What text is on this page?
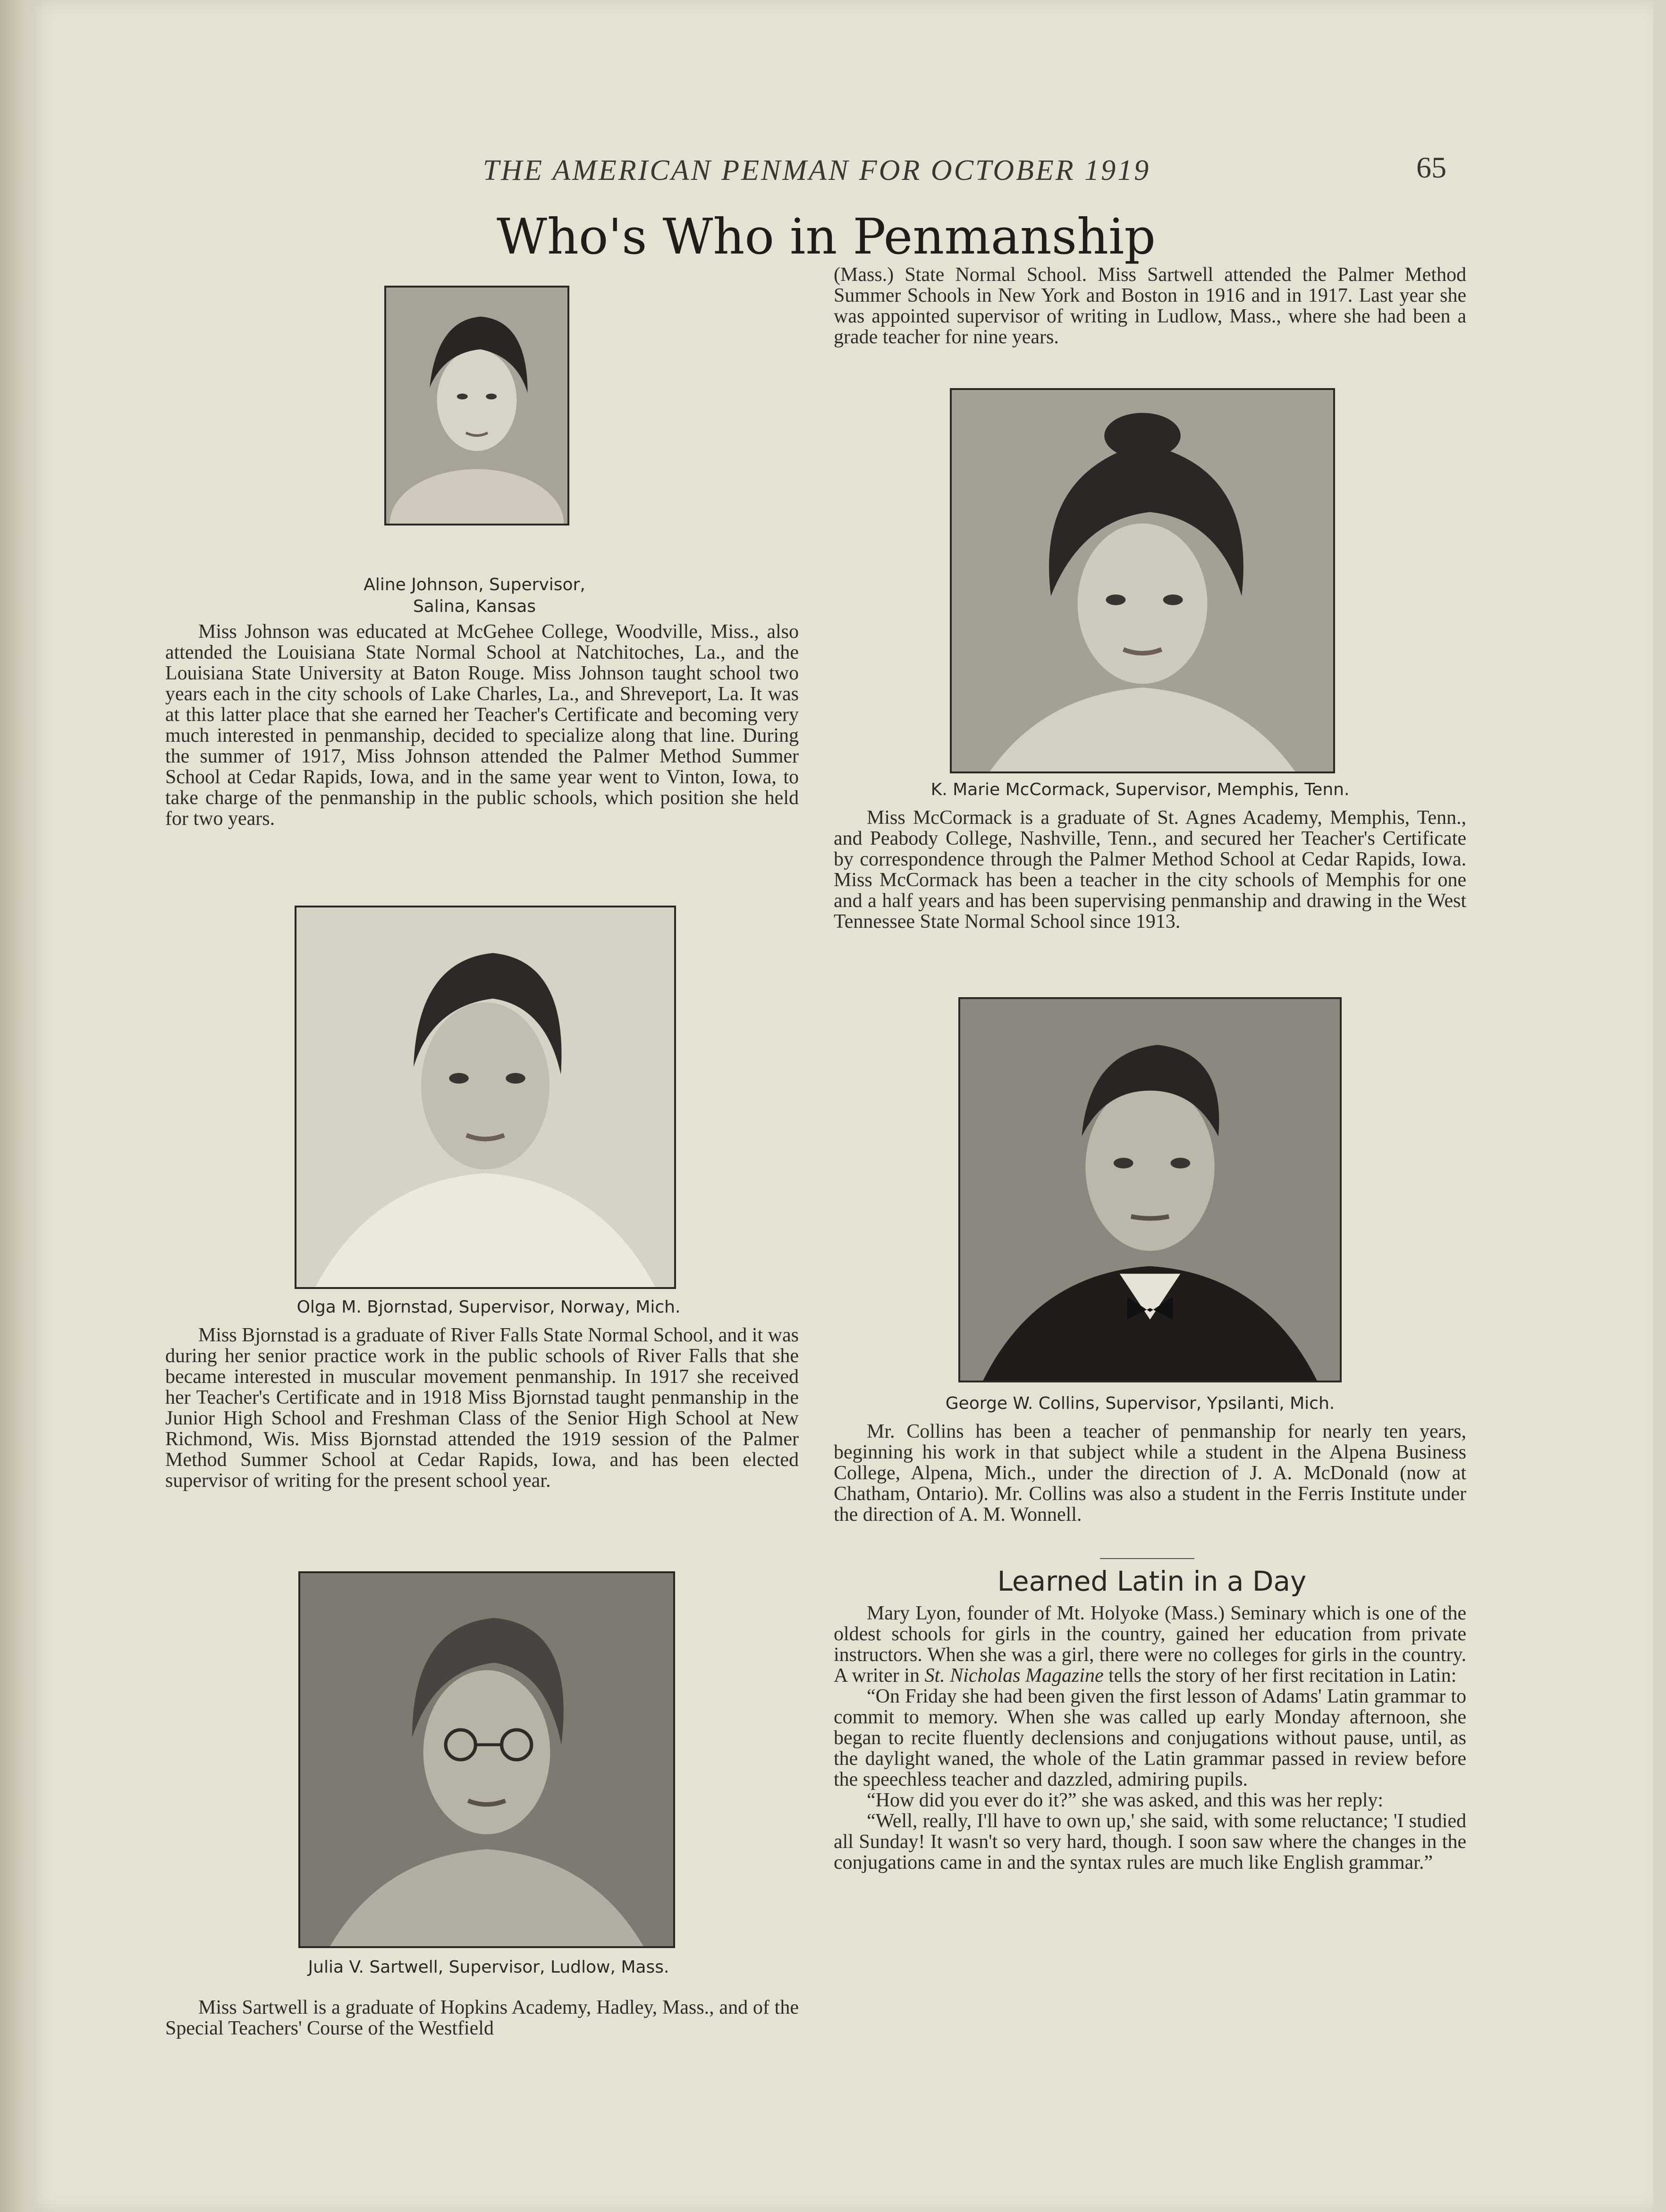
THE AMERICAN PENMAN FOR OCTOBER 1919	65
Who's Who in Penmanship
Aline Johnson, Supervisor,
Salina, Kansas

Miss Johnson was educated at McGehee College, Woodville, Miss., also attended the Louisiana State Normal School at Natchitoches, La., and the Louisiana State University at Baton Rouge. Miss Johnson taught school two years each in the city schools of Lake Charles, La., and Shreveport, La. It was at this latter place that she earned her Teacher's Certificate and becoming very much interested in penmanship, decided to specialize along that line. During the summer of 1917, Miss Johnson attended the Palmer Method Summer School at Cedar Rapids, Iowa, and in the same year went to Vinton, Iowa, to take charge of the penmanship in the public schools, which position she held for two years.

Olga M. Bjornstad, Supervisor, Norway, Mich.

Miss Bjornstad is a graduate of River Falls State Normal School, and it was during her senior practice work in the public schools of River Falls that she became interested in muscular movement penmanship. In 1917 she received her Teacher's Certificate and in 1918 Miss Bjornstad taught penmanship in the Junior High School and Freshman Class of the Senior High School at New Richmond, Wis. Miss Bjornstad attended the 1919 session of the Palmer Method Summer School at Cedar Rapids, Iowa, and has been elected supervisor of writing for the present school year.

Julia V. Sartwell, Supervisor, Ludlow, Mass.

Miss Sartwell is a graduate of Hopkins Academy, Hadley, Mass., and of the Special Teachers' Course of the Westfield

(Mass.) State Normal School. Miss Sartwell attended the Palmer Method Summer Schools in New York and Boston in 1916 and in 1917. Last year she was appointed supervisor of writing in Ludlow, Mass., where she had been a grade teacher for nine years.

K. Marie McCormack, Supervisor, Memphis, Tenn.

Miss McCormack is a graduate of St. Agnes Academy, Memphis, Tenn., and Peabody College, Nashville, Tenn., and secured her Teacher's Certificate by correspondence through the Palmer Method School at Cedar Rapids, Iowa. Miss McCormack has been a teacher in the city schools of Memphis for one and a half years and has been supervising penmanship and drawing in the West Tennessee State Normal School since 1913.

George W. Collins, Supervisor, Ypsilanti, Mich.

Mr. Collins has been a teacher of penmanship for nearly ten years, beginning his work in that subject while a student in the Alpena Business College, Alpena, Mich., under the direction of J. A. McDonald (now at Chatham, Ontario). Mr. Collins was also a student in the Ferris Institute under the direction of A. M. Wonnell.

Learned Latin in a Day

Mary Lyon, founder of Mt. Holyoke (Mass.) Seminary which is one of the oldest schools for girls in the country, gained her education from private instructors. When she was a girl, there were no colleges for girls in the country. A writer in St. Nicholas Magazine tells the story of her first recitation in Latin:

“On Friday she had been given the first lesson of Adams' Latin grammar to commit to memory. When she was called up early Monday afternoon, she began to recite fluently declensions and conjugations without pause, until, as the daylight waned, the whole of the Latin grammar passed in review before the speechless teacher and dazzled, admiring pupils.

“How did you ever do it?” she was asked, and this was her reply:

“Well, really, I'll have to own up,' she said, with some reluctance; 'I studied all Sunday! It wasn't so very hard, though. I soon saw where the changes in the conjugations came in and the syntax rules are much like English grammar.”
